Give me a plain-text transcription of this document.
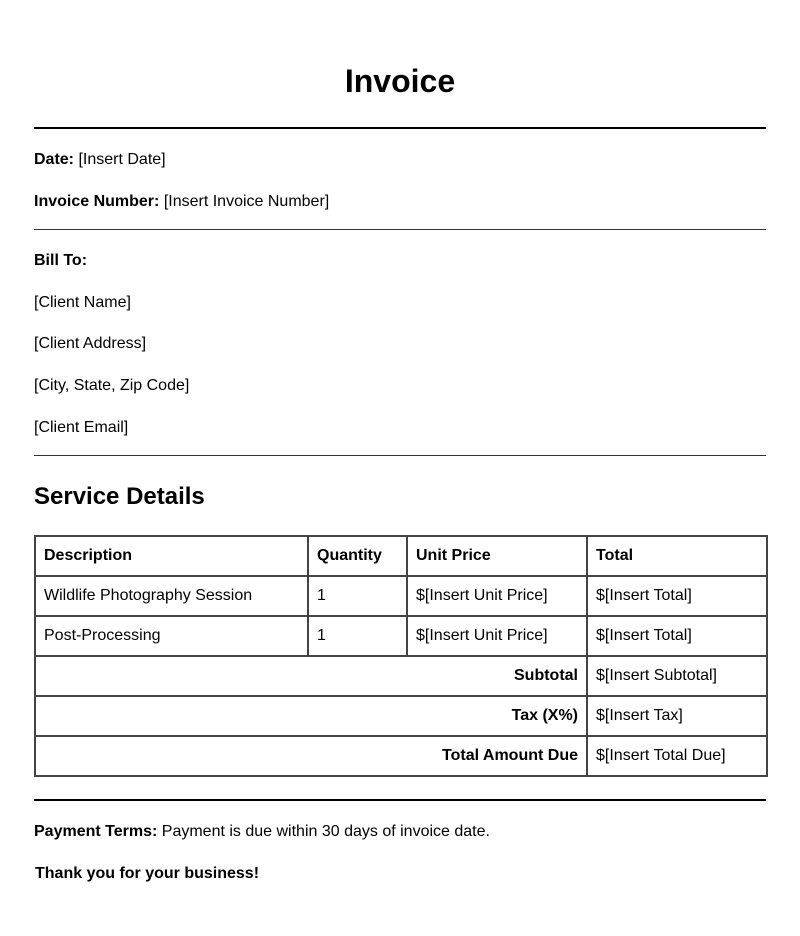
Invoice
Date: [Insert Date]
Invoice Number: [Insert Invoice Number]
Bill To:
[Client Name]
[Client Address]
[City, State, Zip Code]
[Client Email]
Service Details
Description	Quantity	Unit Price	Total
Wildlife Photography Session	1	$[Insert Unit Price]	$[Insert Total]
Post-Processing	1	$[Insert Unit Price]	$[Insert Total]
Subtotal			$[Insert Subtotal]
Tax (X%)			$[Insert Tax]
Total Amount Due			$[Insert Total Due]
Payment Terms: Payment is due within 30 days of invoice date.
Thank you for your business!
